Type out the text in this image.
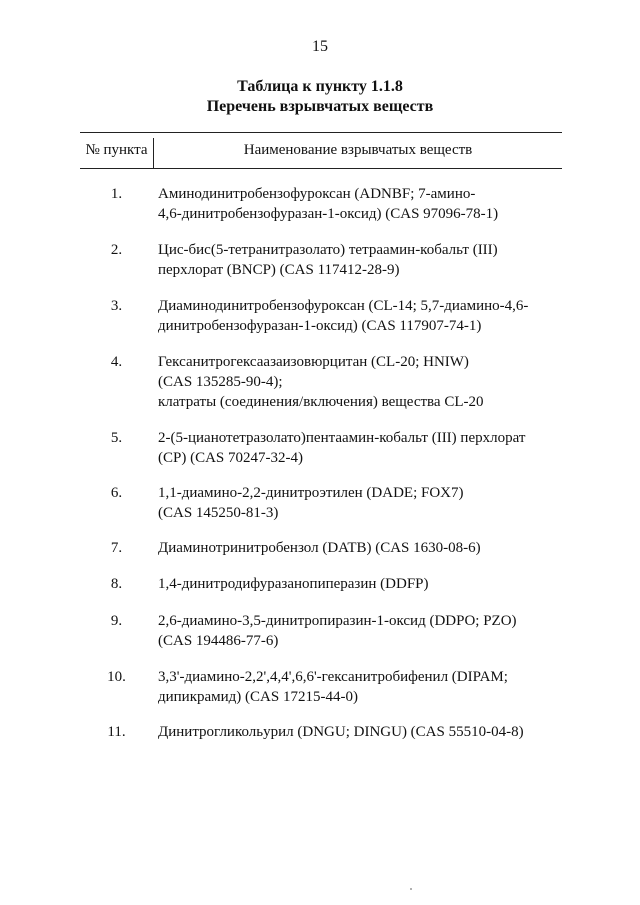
15
Таблица к пункту 1.1.8
Перечень взрывчатых веществ
№ пункта	Наименование взрывчатых веществ
1.	Аминодинитробензофуроксан (ADNBF; 7-амино-
4,6-динитробензофуразан-1-оксид) (CAS 97096-78-1)
2.	Цис-бис(5-тетранитразолато) тетраамин-кобальт (III)
перхлорат (BNCP) (CAS 117412-28-9)
3.	Диаминодинитробензофуроксан (CL-14; 5,7-диамино-4,6-
динитробензофуразан-1-оксид) (CAS 117907-74-1)
4.	Гексанитрогексаазаизовюрцитан (CL-20; HNIW)
(CAS 135285-90-4);
клатраты (соединения/включения) вещества CL-20
5.	2-(5-цианотетразолато)пентаамин-кобальт (III) перхлорат
(CP) (CAS 70247-32-4)
6.	1,1-диамино-2,2-динитроэтилен (DADE; FOX7)
(CAS 145250-81-3)
7.	Диаминотринитробензол (DATB) (CAS 1630-08-6)
8.	1,4-динитродифуразанопиперазин (DDFP)
9.	2,6-диамино-3,5-динитропиразин-1-оксид (DDPO; PZO)
(CAS 194486-77-6)
10.	3,3'-диамино-2,2',4,4',6,6'-гексанитробифенил (DIPAM;
дипикрамид) (CAS 17215-44-0)
11.	Динитрогликольурил (DNGU; DINGU) (CAS 55510-04-8)
